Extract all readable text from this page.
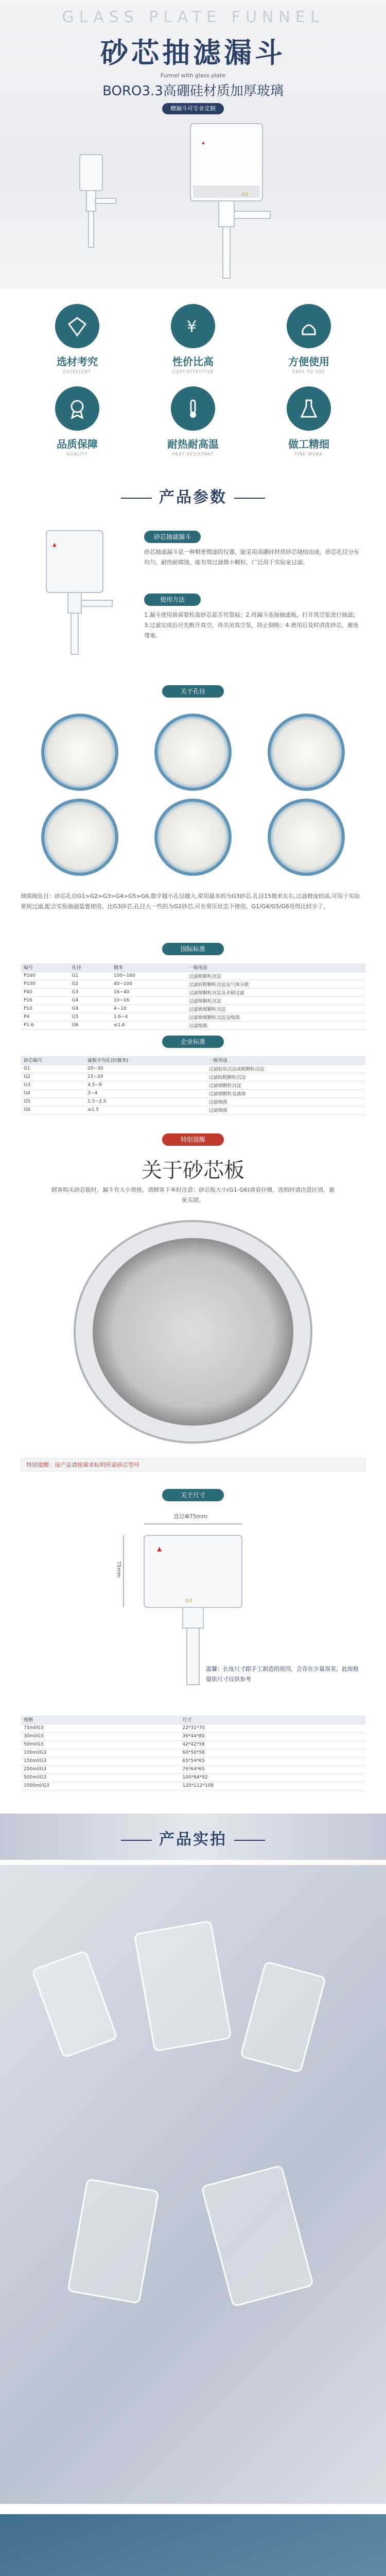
GLASS PLATE FUNNEL
砂芯抽滤漏斗
Funnel with glass plate
BORO3.3高硼硅材质加厚玻璃
赠漏斗可专业定制
▲
G3
选材考究
EXCELLENT
¥
性价比高
COST-EFFECTIVE
方便使用
EASY TO USE
品质保障
QUALITY
耐热耐高温
HEAT RESISTANT
做工精细
FINE WORK
产品参数
▲
砂芯抽滤漏斗
砂芯抽滤漏斗是一种精密微滤的仪器，能采用高硼硅材质砂芯烧结而成，砂芯孔径分布均匀，耐热耐腐蚀，能有效过滤微小颗粒，广泛用于实验室过滤。
使用方法
1.漏斗使用前需要检查砂芯是否有裂痕；2.将漏斗连接抽滤瓶，打开真空泵进行抽滤；3.过滤完成后应先断开真空，再关闭真空泵，防止倒吸；4.使用后及时清洗砂芯，避免堵塞。
关于孔径
细菌阀色目：砂芯孔径G1>G2>G3>G4>G5>G6,数字越小孔径越大,常用最多的为G3砂芯,孔径15微米左右,过滤精度较高,可用于实验常规过滤,配合实验抽滤装置使用。比G3砂芯,孔径大一些的为G2砂芯,可在常压状态下使用。G1/G4/G5/G6用得比较少了。
国际标准
编号	孔径	微米	一般用途
P160	G1	100~160	过滤粗颗粒沉淀
P100	G2	40~100	过滤较粗颗粒沉淀及气体分散
P40	G3	16~40	过滤细颗粒沉淀及水银过滤
P16	G4	10~16	过滤细颗粒沉淀
P10	G4	4~10	过滤极细颗粒沉淀
P4	G5	1.6~4	过滤极细颗粒沉淀及细菌
P1.6	G6	≤1.6	过滤细菌
企业标准
砂芯编号	滤板平均孔径(微米)	一般用途
G1	20~30	过滤胶状沉淀或粗颗粒沉淀
G2	15~20	过滤较粗颗粒沉淀
G3	4.5~9	过滤细颗粒沉淀
G4	3~4	过滤细颗粒及液体
G5	1.5~2.5	过滤细菌
G6	≤1.5	过滤细菌
特别提醒
关于砂芯板
顾客购买砂芯板时，漏斗有大小规格，请顾客下单时注意：砂芯板大小(G1-G6)请看仔细，选购时请注意区别，避免买错。
特别提醒：该产品请按需求标明所需砂芯型号
关于尺寸
直径Φ75mm
▲
G3
75mm
温馨：长度尺寸跟手工制造的原因，会存在少量误差，此规格提供尺寸仅供参考
规格	尺寸
75ml/G3	22*31*70
30ml/G3	36*44*80
50ml/G3	42*42*58
100ml/G3	60*50*58
150ml/G3	65*54*65
250ml/G3	76*64*65
500ml/G3	100*84*92
1000ml/G3	120*112*108
产品实拍
